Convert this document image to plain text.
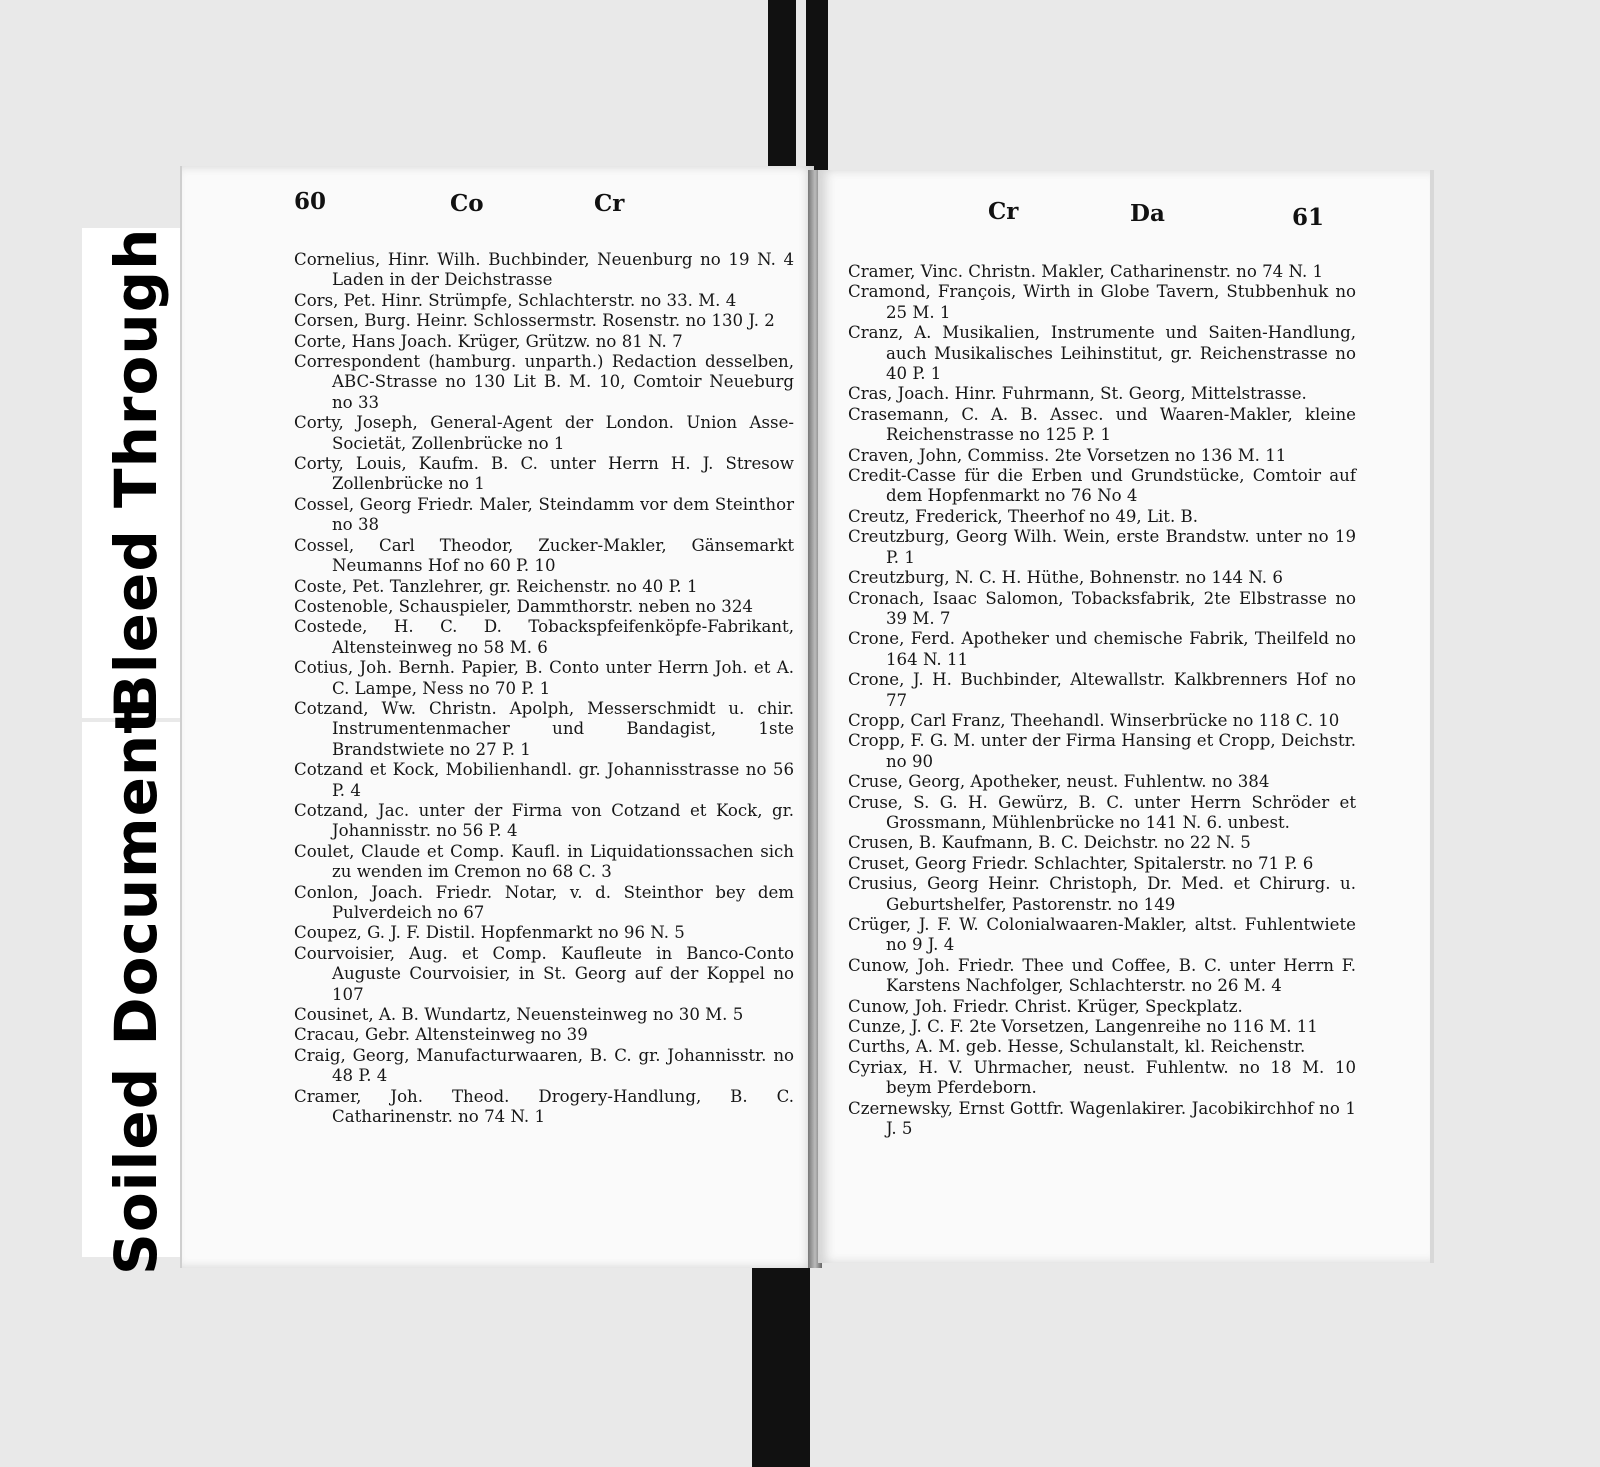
Bleed Through
Soiled Document
60	Co	Cr

Cornelius, Hinr. Wilh. Buchbinder, Neuenburg no 19 N. 4 Laden in der Deichstrasse

Cors, Pet. Hinr. Strümpfe, Schlachterstr. no 33. M. 4

Corsen, Burg. Heinr. Schlossermstr. Rosenstr. no 130 J. 2

Corte, Hans Joach. Krüger, Grützw. no 81 N. 7

Correspondent (hamburg. unparth.) Redaction desselben, ABC-Strasse no 130 Lit B. M. 10, Comtoir Neueburg no 33

Corty, Joseph, General-Agent der London. Union Asse-Societät, Zollenbrücke no 1

Corty, Louis, Kaufm. B. C. unter Herrn H. J. Stresow Zollenbrücke no 1

Cossel, Georg Friedr. Maler, Steindamm vor dem Steinthor no 38

Cossel, Carl Theodor, Zucker-Makler, Gänsemarkt Neumanns Hof no 60 P. 10

Coste, Pet. Tanzlehrer, gr. Reichenstr. no 40 P. 1

Costenoble, Schauspieler, Dammthorstr. neben no 324

Costede, H. C. D. Tobackspfeifenköpfe-Fabrikant, Altensteinweg no 58 M. 6

Cotius, Joh. Bernh. Papier, B. Conto unter Herrn Joh. et A. C. Lampe, Ness no 70 P. 1

Cotzand, Ww. Christn. Apolph, Messerschmidt u. chir. Instrumentenmacher und Bandagist, 1ste Brandstwiete no 27 P. 1

Cotzand et Kock, Mobilienhandl. gr. Johannisstrasse no 56 P. 4

Cotzand, Jac. unter der Firma von Cotzand et Kock, gr. Johannisstr. no 56 P. 4

Coulet, Claude et Comp. Kaufl. in Liquidationssachen sich zu wenden im Cremon no 68 C. 3

Conlon, Joach. Friedr. Notar, v. d. Steinthor bey dem Pulverdeich no 67

Coupez, G. J. F. Distil. Hopfenmarkt no 96 N. 5

Courvoisier, Aug. et Comp. Kaufleute in Banco-Conto Auguste Courvoisier, in St. Georg auf der Koppel no 107

Cousinet, A. B. Wundartz, Neuensteinweg no 30 M. 5

Cracau, Gebr. Altensteinweg no 39

Craig, Georg, Manufacturwaaren, B. C. gr. Johannisstr. no 48 P. 4

Cramer, Joh. Theod. Drogery-Handlung, B. C. Catharinenstr. no 74 N. 1

Cr	Da	61

Cramer, Vinc. Christn. Makler, Catharinenstr. no 74 N. 1

Cramond, François, Wirth in Globe Tavern, Stubbenhuk no 25 M. 1

Cranz, A. Musikalien, Instrumente und Saiten-Handlung, auch Musikalisches Leihinstitut, gr. Reichenstrasse no 40 P. 1

Cras, Joach. Hinr. Fuhrmann, St. Georg, Mittelstrasse.

Crasemann, C. A. B. Assec. und Waaren-Makler, kleine Reichenstrasse no 125 P. 1

Craven, John, Commiss. 2te Vorsetzen no 136 M. 11

Credit-Casse für die Erben und Grundstücke, Comtoir auf dem Hopfenmarkt no 76 No 4

Creutz, Frederick, Theerhof no 49, Lit. B.

Creutzburg, Georg Wilh. Wein, erste Brandstw. unter no 19 P. 1

Creutzburg, N. C. H. Hüthe, Bohnenstr. no 144 N. 6

Cronach, Isaac Salomon, Tobacksfabrik, 2te Elbstrasse no 39 M. 7

Crone, Ferd. Apotheker und chemische Fabrik, Theilfeld no 164 N. 11

Crone, J. H. Buchbinder, Altewallstr. Kalkbrenners Hof no 77

Cropp, Carl Franz, Theehandl. Winserbrücke no 118 C. 10

Cropp, F. G. M. unter der Firma Hansing et Cropp, Deichstr. no 90

Cruse, Georg, Apotheker, neust. Fuhlentw. no 384

Cruse, S. G. H. Gewürz, B. C. unter Herrn Schröder et Grossmann, Mühlenbrücke no 141 N. 6. unbest.

Crusen, B. Kaufmann, B. C. Deichstr. no 22 N. 5

Cruset, Georg Friedr. Schlachter, Spitalerstr. no 71 P. 6

Crusius, Georg Heinr. Christoph, Dr. Med. et Chirurg. u. Geburtshelfer, Pastorenstr. no 149

Crüger, J. F. W. Colonialwaaren-Makler, altst. Fuhlentwiete no 9 J. 4

Cunow, Joh. Friedr. Thee und Coffee, B. C. unter Herrn F. Karstens Nachfolger, Schlachterstr. no 26 M. 4

Cunow, Joh. Friedr. Christ. Krüger, Speckplatz.

Cunze, J. C. F. 2te Vorsetzen, Langenreihe no 116 M. 11

Curths, A. M. geb. Hesse, Schulanstalt, kl. Reichenstr.

Cyriax, H. V. Uhrmacher, neust. Fuhlentw. no 18 M. 10 beym Pferdeborn.

Czernewsky, Ernst Gottfr. Wagenlakirer. Jacobikirchhof no 1 J. 5
